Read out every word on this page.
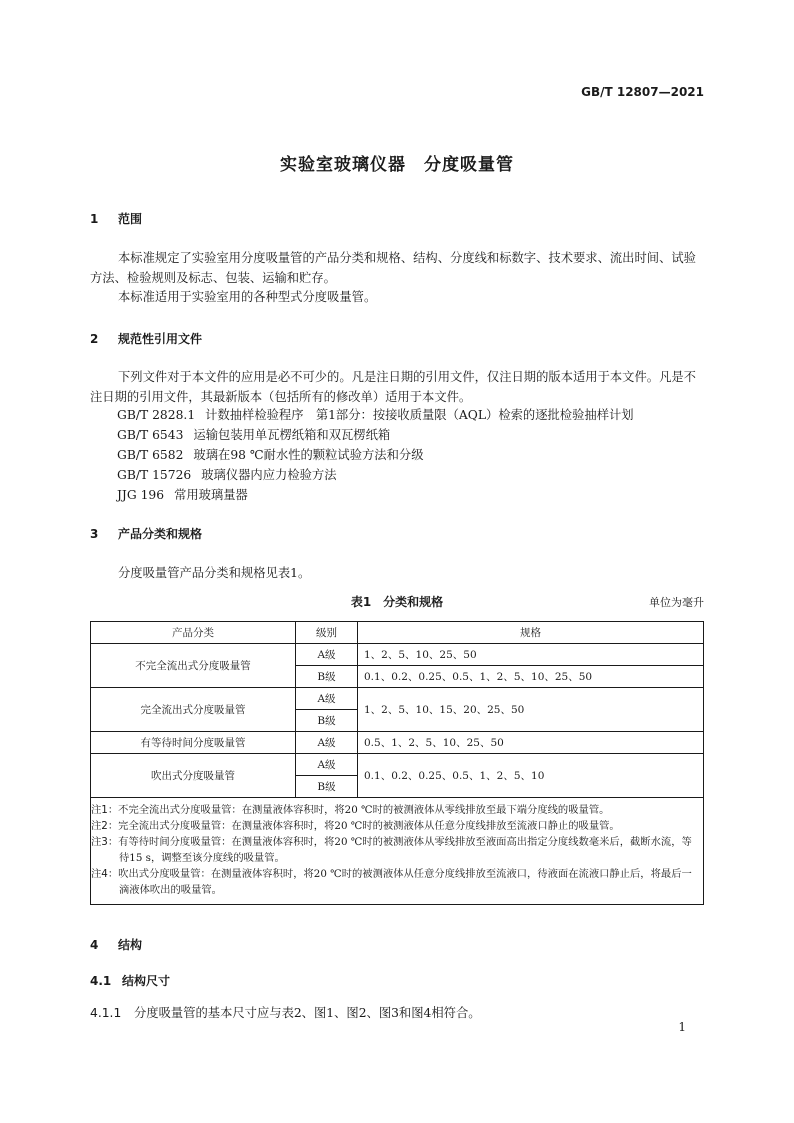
GB/T 12807—2021
实验室玻璃仪器　分度吸量管
1 范围
本标准规定了实验室用分度吸量管的产品分类和规格、结构、分度线和标数字、技术要求、流出时间、试验方法、检验规则及标志、包装、运输和贮存。
本标准适用于实验室用的各种型式分度吸量管。
2 规范性引用文件
下列文件对于本文件的应用是必不可少的。凡是注日期的引用文件，仅注日期的版本适用于本文件。凡是不注日期的引用文件，其最新版本（包括所有的修改单）适用于本文件。
GB/T 2828.1 计数抽样检验程序　第1部分：按接收质量限（AQL）检索的逐批检验抽样计划
GB/T 6543 运输包装用单瓦楞纸箱和双瓦楞纸箱
GB/T 6582 玻璃在98 ℃耐水性的颗粒试验方法和分级
GB/T 15726 玻璃仪器内应力检验方法
JJG 196 常用玻璃量器
3 产品分类和规格
分度吸量管产品分类和规格见表1。
表1　分类和规格	单位为毫升
产品分类	级别	规格
不完全流出式分度吸量管	A级	1、2、5、10、25、50
	B级	0.1、0.2、0.25、0.5、1、2、5、10、25、50
完全流出式分度吸量管	A级	1、2、5、10、15、20、25、50
	B级	
有等待时间分度吸量管	A级	0.5、1、2、5、10、25、50
吹出式分度吸量管	A级	0.1、0.2、0.25、0.5、1、2、5、10
	B级	

注1：不完全流出式分度吸量管：在测量液体容积时，将20 ℃时的被测液体从零线排放至最下端分度线的吸量管。
注2：完全流出式分度吸量管：在测量液体容积时，将20 ℃时的被测液体从任意分度线排放至流液口静止的吸量管。
注3：有等待时间分度吸量管：在测量液体容积时，将20 ℃时的被测液体从零线排放至液面高出指定分度线数毫米后，截断水流，等待15 s，调整至该分度线的吸量管。
注4：吹出式分度吸量管：在测量液体容积时，将20 ℃时的被测液体从任意分度线排放至流液口，待液面在流液口静止后，将最后一滴液体吹出的吸量管。		
4 结构
4.1 结构尺寸
4.1.1 分度吸量管的基本尺寸应与表2、图1、图2、图3和图4相符合。
1
